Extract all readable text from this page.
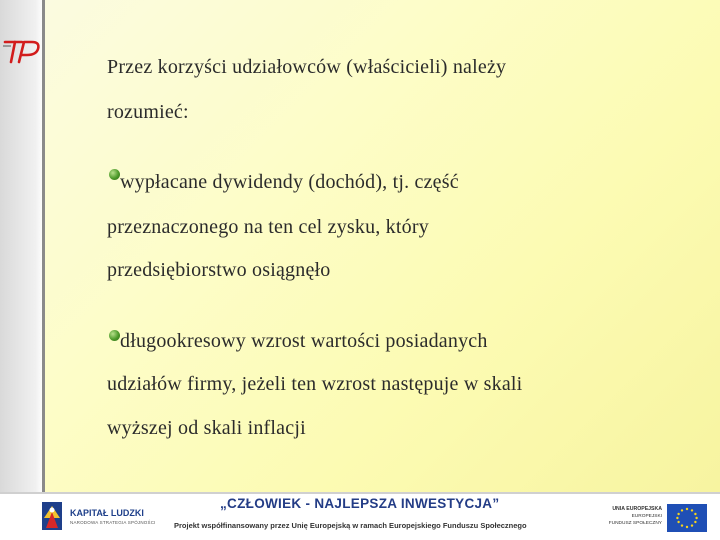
Przez korzyści udziałowców (właścicieli) należy
rozumieć:
wypłacane dywidendy (dochód), tj. część
przeznaczonego na ten cel zysku, który
przedsiębiorstwo osiągnęło
długookresowy wzrost wartości posiadanych
udziałów firmy, jeżeli ten wzrost następuje w skali
wyższej od skali inflacji
KAPITAŁ LUDZKI
NARODOWA STRATEGIA SPÓJNOŚCI
„CZŁOWIEK - NAJLEPSZA INWESTYCJA”
Projekt współfinansowany przez Unię Europejską w ramach Europejskiego Funduszu Społecznego
UNIA EUROPEJSKA
EUROPEJSKI
FUNDUSZ SPOŁECZNY
